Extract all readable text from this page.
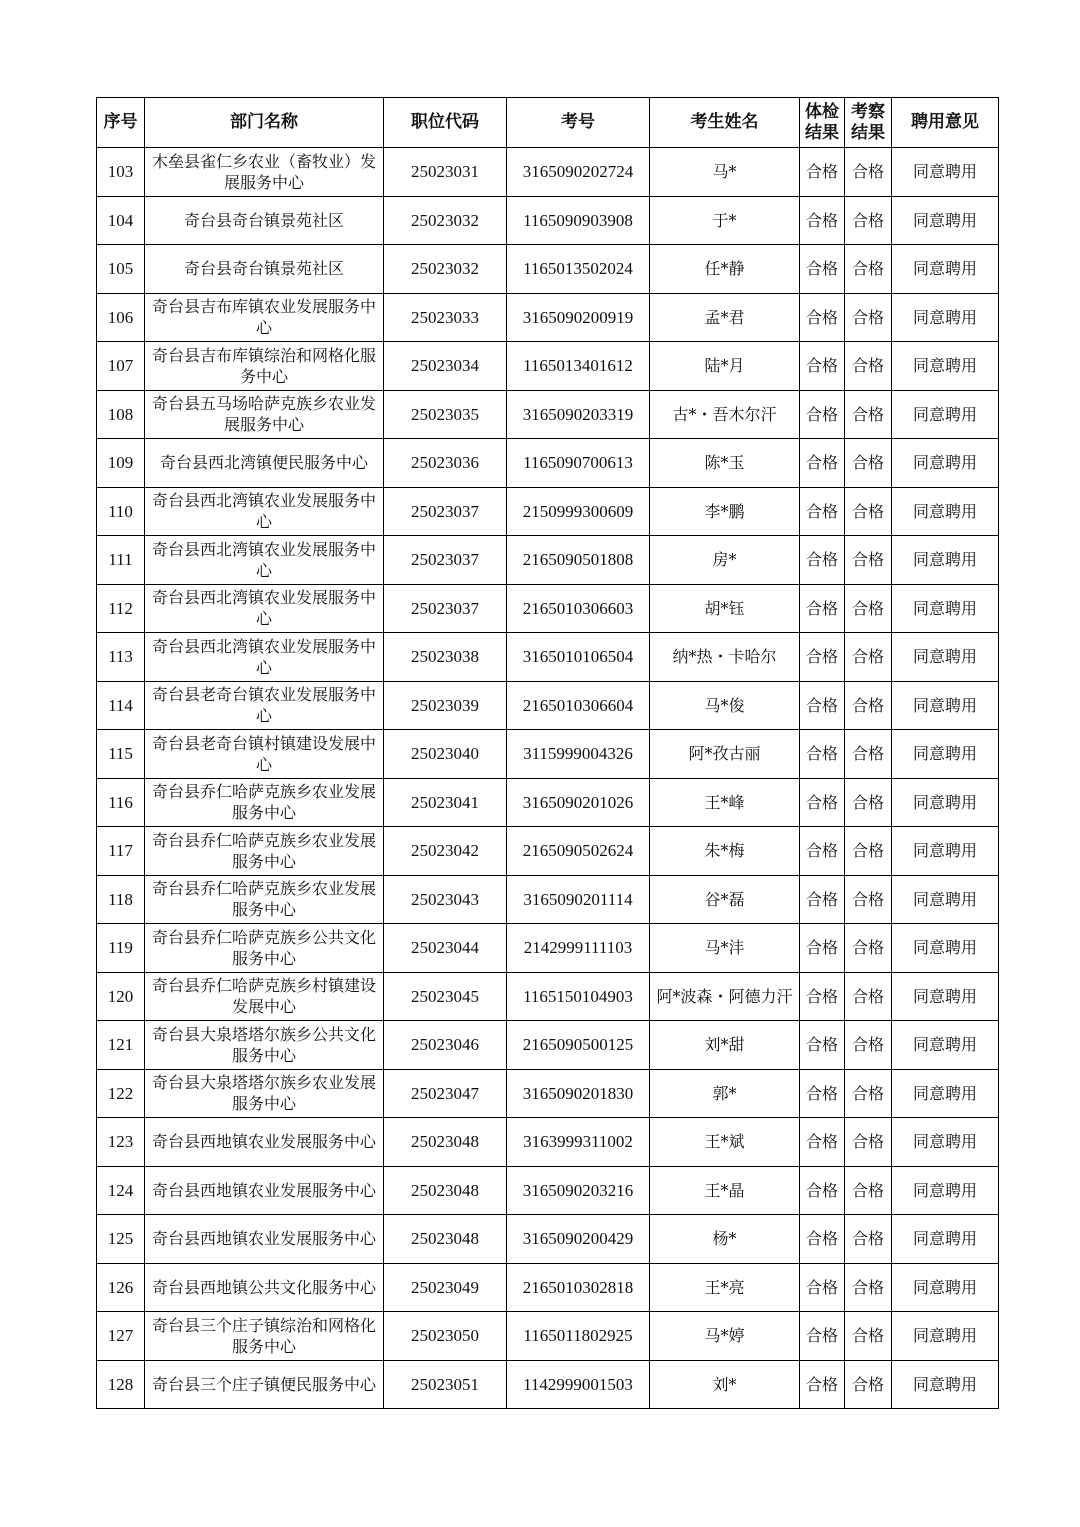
序号	部门名称	职位代码	考号	考生姓名	体检结果	考察结果	聘用意见
103	木垒县雀仁乡农业（畜牧业）发展服务中心	25023031	3165090202724	马*	合格	合格	同意聘用
104	奇台县奇台镇景苑社区	25023032	1165090903908	于*	合格	合格	同意聘用
105	奇台县奇台镇景苑社区	25023032	1165013502024	任*静	合格	合格	同意聘用
106	奇台县吉布库镇农业发展服务中心	25023033	3165090200919	孟*君	合格	合格	同意聘用
107	奇台县吉布库镇综治和网格化服务中心	25023034	1165013401612	陆*月	合格	合格	同意聘用
108	奇台县五马场哈萨克族乡农业发展服务中心	25023035	3165090203319	古*・吾木尔汗	合格	合格	同意聘用
109	奇台县西北湾镇便民服务中心	25023036	1165090700613	陈*玉	合格	合格	同意聘用
110	奇台县西北湾镇农业发展服务中心	25023037	2150999300609	李*鹏	合格	合格	同意聘用
111	奇台县西北湾镇农业发展服务中心	25023037	2165090501808	房*	合格	合格	同意聘用
112	奇台县西北湾镇农业发展服务中心	25023037	2165010306603	胡*钰	合格	合格	同意聘用
113	奇台县西北湾镇农业发展服务中心	25023038	3165010106504	纳*热・卡哈尔	合格	合格	同意聘用
114	奇台县老奇台镇农业发展服务中心	25023039	2165010306604	马*俊	合格	合格	同意聘用
115	奇台县老奇台镇村镇建设发展中心	25023040	3115999004326	阿*孜古丽	合格	合格	同意聘用
116	奇台县乔仁哈萨克族乡农业发展服务中心	25023041	3165090201026	王*峰	合格	合格	同意聘用
117	奇台县乔仁哈萨克族乡农业发展服务中心	25023042	2165090502624	朱*梅	合格	合格	同意聘用
118	奇台县乔仁哈萨克族乡农业发展服务中心	25023043	3165090201114	谷*磊	合格	合格	同意聘用
119	奇台县乔仁哈萨克族乡公共文化服务中心	25023044	2142999111103	马*沣	合格	合格	同意聘用
120	奇台县乔仁哈萨克族乡村镇建设发展中心	25023045	1165150104903	阿*波森・阿德力汗	合格	合格	同意聘用
121	奇台县大泉塔塔尔族乡公共文化服务中心	25023046	2165090500125	刘*甜	合格	合格	同意聘用
122	奇台县大泉塔塔尔族乡农业发展服务中心	25023047	3165090201830	郭*	合格	合格	同意聘用
123	奇台县西地镇农业发展服务中心	25023048	3163999311002	王*斌	合格	合格	同意聘用
124	奇台县西地镇农业发展服务中心	25023048	3165090203216	王*晶	合格	合格	同意聘用
125	奇台县西地镇农业发展服务中心	25023048	3165090200429	杨*	合格	合格	同意聘用
126	奇台县西地镇公共文化服务中心	25023049	2165010302818	王*亮	合格	合格	同意聘用
127	奇台县三个庄子镇综治和网格化服务中心	25023050	1165011802925	马*婷	合格	合格	同意聘用
128	奇台县三个庄子镇便民服务中心	25023051	1142999001503	刘*	合格	合格	同意聘用
